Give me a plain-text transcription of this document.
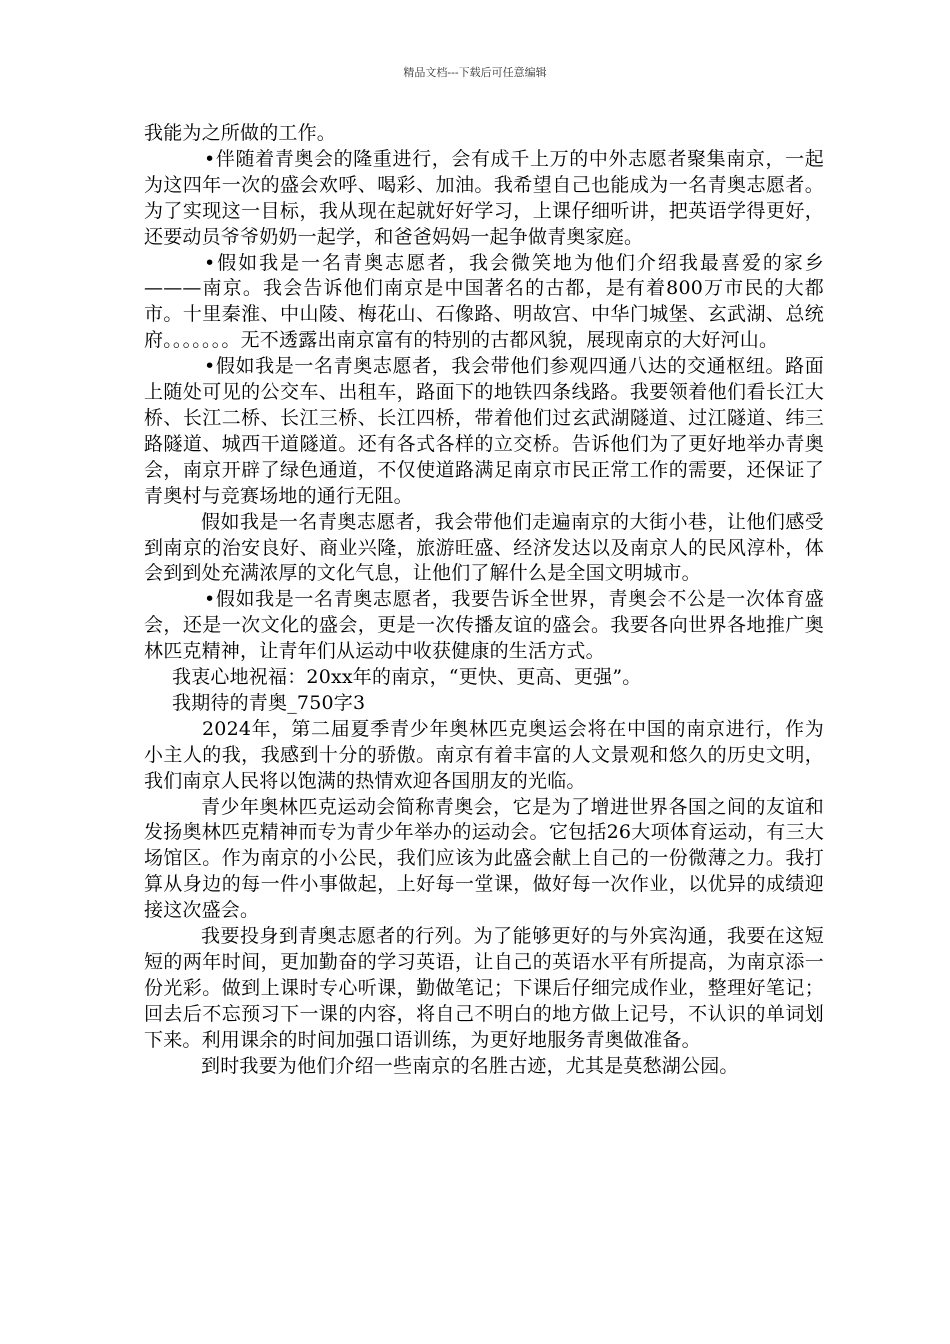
精品文档---下载后可任意编辑

我能为之所做的工作。

•伴随着青奥会的隆重进行，会有成千上万的中外志愿者聚集南京，一起为这四年一次的盛会欢呼、喝彩、加油。我希望自己也能成为一名青奥志愿者。为了实现这一目标，我从现在起就好好学习，上课仔细听讲，把英语学得更好，还要动员爷爷奶奶一起学，和爸爸妈妈一起争做青奥家庭。

•假如我是一名青奥志愿者，我会微笑地为他们介绍我最喜爱的家乡———南京。我会告诉他们南京是中国著名的古都，是有着800万市民的大都市。十里秦淮、中山陵、梅花山、石像路、明故宫、中华门城堡、玄武湖、总统府。。。。。。。无不透露出南京富有的特别的古都风貌，展现南京的大好河山。

•假如我是一名青奥志愿者，我会带他们参观四通八达的交通枢纽。路面上随处可见的公交车、出租车，路面下的地铁四条线路。我要领着他们看长江大桥、长江二桥、长江三桥、长江四桥，带着他们过玄武湖隧道、过江隧道、纬三路隧道、城西干道隧道。还有各式各样的立交桥。告诉他们为了更好地举办青奥会，南京开辟了绿色通道，不仅使道路满足南京市民正常工作的需要，还保证了青奥村与竞赛场地的通行无阻。

假如我是一名青奥志愿者，我会带他们走遍南京的大街小巷，让他们感受到南京的治安良好、商业兴隆，旅游旺盛、经济发达以及南京人的民风淳朴，体会到到处充满浓厚的文化气息，让他们了解什么是全国文明城市。

•假如我是一名青奥志愿者，我要告诉全世界，青奥会不公是一次体育盛会，还是一次文化的盛会，更是一次传播友谊的盛会。我要各向世界各地推广奥林匹克精神，让青年们从运动中收获健康的生活方式。

我衷心地祝福：20xx年的南京，“更快、更高、更强”。

我期待的青奥_750字3

2024年，第二届夏季青少年奥林匹克奥运会将在中国的南京进行，作为小主人的我，我感到十分的骄傲。南京有着丰富的人文景观和悠久的历史文明，我们南京人民将以饱满的热情欢迎各国朋友的光临。

青少年奥林匹克运动会简称青奥会，它是为了增进世界各国之间的友谊和发扬奥林匹克精神而专为青少年举办的运动会。它包括26大项体育运动，有三大场馆区。作为南京的小公民，我们应该为此盛会献上自己的一份微薄之力。我打算从身边的每一件小事做起，上好每一堂课，做好每一次作业，以优异的成绩迎接这次盛会。

我要投身到青奥志愿者的行列。为了能够更好的与外宾沟通，我要在这短短的两年时间，更加勤奋的学习英语，让自己的英语水平有所提高，为南京添一份光彩。做到上课时专心听课，勤做笔记；下课后仔细完成作业，整理好笔记；回去后不忘预习下一课的内容，将自己不明白的地方做上记号，不认识的单词划下来。利用课余的时间加强口语训练，为更好地服务青奥做准备。

到时我要为他们介绍一些南京的名胜古迹，尤其是莫愁湖公园。
